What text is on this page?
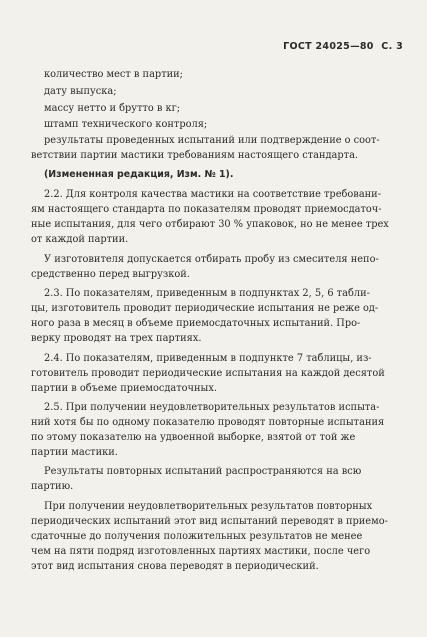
ГОСТ 24025—80 С. 3
количество мест в партии;
дату выпуска;
массу нетто и брутто в кг;
штамп технического контроля;
результаты проведенных испытаний или подтверждение о соот-
ветствии партии мастики требованиям настоящего стандарта.
(Измененная редакция, Изм. № 1).
2.2. Для контроля качества мастики на соответствие требовани-
ям настоящего стандарта по показателям проводят приемосдаточ-
ные испытания, для чего отбирают 30 % упаковок, но не менее трех
от каждой партии.
У изготовителя допускается отбирать пробу из смесителя непо-
средственно перед выгрузкой.
2.3. По показателям, приведенным в подпунктах 2, 5, 6 табли-
цы, изготовитель проводит периодические испытания не реже од-
ного раза в месяц в объеме приемосдаточных испытаний. Про-
верку проводят на трех партиях.
2.4. По показателям, приведенным в подпункте 7 таблицы, из-
готовитель проводит периодические испытания на каждой десятой
партии в объеме приемосдаточных.
2.5. При получении неудовлетворительных результатов испыта-
ний хотя бы по одному показателю проводят повторные испытания
по этому показателю на удвоенной выборке, взятой от той же
партии мастики.
Результаты повторных испытаний распространяются на всю
партию.
При получении неудовлетворительных результатов повторных
периодических испытаний этот вид испытаний переводят в приемо-
сдаточные до получения положительных результатов не менее
чем на пяти подряд изготовленных партиях мастики, после чего
этот вид испытания снова переводят в периодический.
